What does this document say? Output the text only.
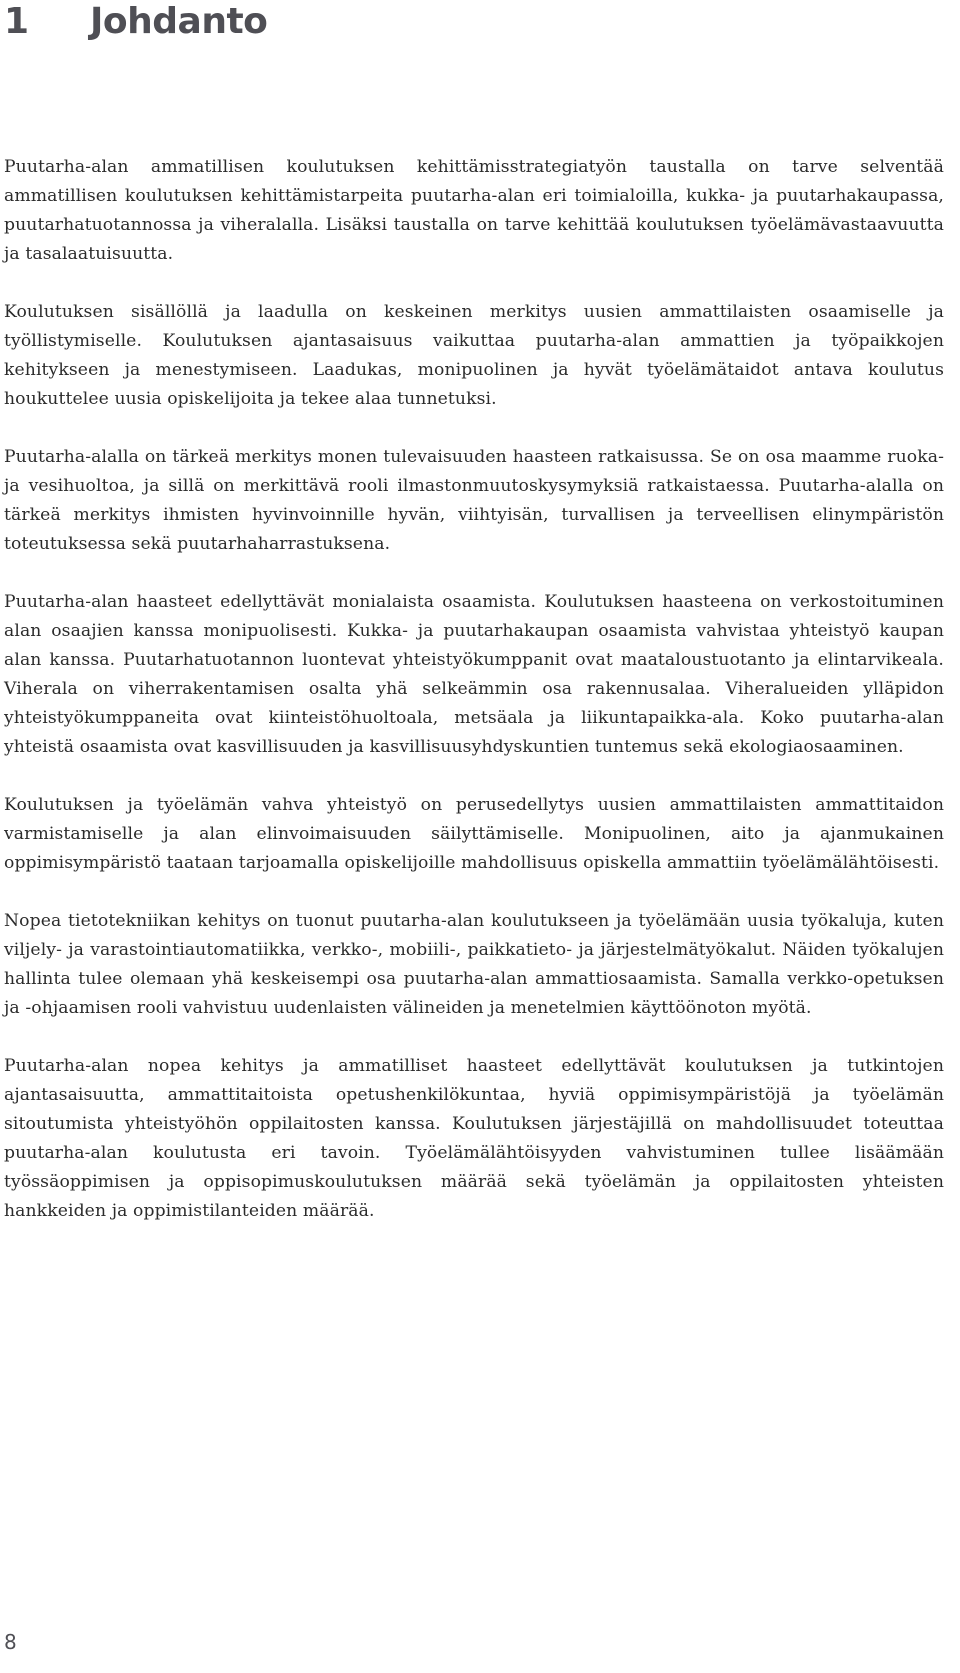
1 Johdanto

Puutarha-alan ammatillisen koulutuksen kehittämisstrategiatyön taustalla on tarve selventää ammatillisen koulutuksen kehittämistarpeita puutarha-alan eri toimialoilla, kukka- ja puutarhakaupassa, puutarhatuotannossa ja viheralalla. Lisäksi taustalla on tarve kehittää koulutuksen työelämävastaavuutta ja tasalaatuisuutta.

Koulutuksen sisällöllä ja laadulla on keskeinen merkitys uusien ammattilaisten osaamiselle ja työllistymiselle. Koulutuksen ajantasaisuus vaikuttaa puutarha-alan ammattien ja työpaikkojen kehitykseen ja menestymiseen. Laadukas, monipuolinen ja hyvät työelämätaidot antava koulutus houkuttelee uusia opiskelijoita ja tekee alaa tunnetuksi.

Puutarha-alalla on tärkeä merkitys monen tulevaisuuden haasteen ratkaisussa. Se on osa maamme ruoka- ja vesihuoltoa, ja sillä on merkittävä rooli ilmastonmuutoskysymyksiä ratkaistaessa. Puutarha-alalla on tärkeä merkitys ihmisten hyvinvoinnille hyvän, viihtyisän, turvallisen ja terveellisen elinympäristön toteutuksessa sekä puutarhaharrastuksena.

Puutarha-alan haasteet edellyttävät monialaista osaamista. Koulutuksen haasteena on verkostoituminen alan osaajien kanssa monipuolisesti. Kukka- ja puutarhakaupan osaamista vahvistaa yhteistyö kaupan alan kanssa. Puutarhatuotannon luontevat yhteistyökumppanit ovat maataloustuotanto ja elintarvikeala. Viherala on viherrakentamisen osalta yhä selkeämmin osa rakennusalaa. Viheralueiden ylläpidon yhteistyökumppaneita ovat kiinteistöhuoltoala, metsäala ja liikuntapaikka-ala. Koko puutarha-alan yhteistä osaamista ovat kasvillisuuden ja kasvillisuusyhdyskuntien tuntemus sekä ekologiaosaaminen.

Koulutuksen ja työelämän vahva yhteistyö on perusedellytys uusien ammattilaisten ammattitaidon varmistamiselle ja alan elinvoimaisuuden säilyttämiselle. Monipuolinen, aito ja ajanmukainen oppimisympäristö taataan tarjoamalla opiskelijoille mahdollisuus opiskella ammattiin työelämälähtöisesti.

Nopea tietotekniikan kehitys on tuonut puutarha-alan koulutukseen ja työelämään uusia työkaluja, kuten viljely- ja varastointiautomatiikka, verkko-, mobiili-, paikkatieto- ja järjestelmätyökalut. Näiden työkalujen hallinta tulee olemaan yhä keskeisempi osa puutarha-alan ammattiosaamista. Samalla verkko-opetuksen ja -ohjaamisen rooli vahvistuu uudenlaisten välineiden ja menetelmien käyttöönoton myötä.

Puutarha-alan nopea kehitys ja ammatilliset haasteet edellyttävät koulutuksen ja tutkintojen ajantasaisuutta, ammattitaitoista opetushenkilökuntaa, hyviä oppimisympäristöjä ja työelämän sitoutumista yhteistyöhön oppilaitosten kanssa. Koulutuksen järjestäjillä on mahdollisuudet toteuttaa puutarha-alan koulutusta eri tavoin. Työelämälähtöisyyden vahvistuminen tullee lisäämään työssäoppimisen ja oppisopimuskoulutuksen määrää sekä työelämän ja oppilaitosten yhteisten hankkeiden ja oppimistilanteiden määrää.

8
